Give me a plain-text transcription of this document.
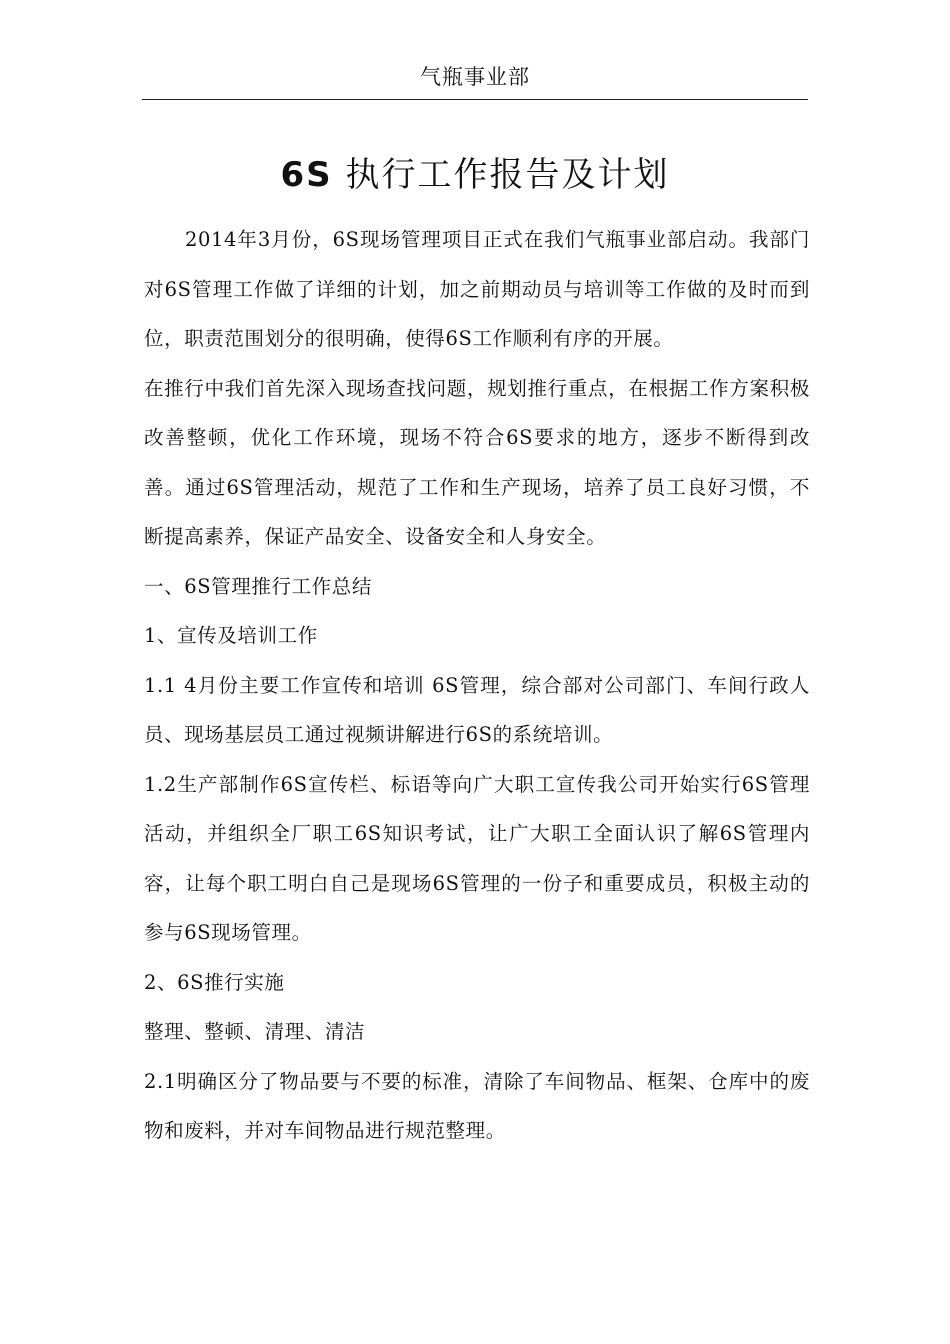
气瓶事业部
6S 执行工作报告及计划

2014年3月份，6S现场管理项目正式在我们气瓶事业部启动。我部门对6S管理工作做了详细的计划，加之前期动员与培训等工作做的及时而到位，职责范围划分的很明确，使得6S工作顺利有序的开展。

在推行中我们首先深入现场查找问题，规划推行重点，在根据工作方案积极改善整顿，优化工作环境，现场不符合6S要求的地方，逐步不断得到改善。通过6S管理活动，规范了工作和生产现场，培养了员工良好习惯，不断提高素养，保证产品安全、设备安全和人身安全。

一、6S管理推行工作总结

1、宣传及培训工作

1.1 4月份主要工作宣传和培训 6S管理，综合部对公司部门、车间行政人员、现场基层员工通过视频讲解进行6S的系统培训。

1.2生产部制作6S宣传栏、标语等向广大职工宣传我公司开始实行6S管理活动，并组织全厂职工6S知识考试，让广大职工全面认识了解6S管理内容，让每个职工明白自己是现场6S管理的一份子和重要成员，积极主动的参与6S现场管理。

2、6S推行实施

整理、整顿、清理、清洁

2.1明确区分了物品要与不要的标准，清除了车间物品、框架、仓库中的废物和废料，并对车间物品进行规范整理。
